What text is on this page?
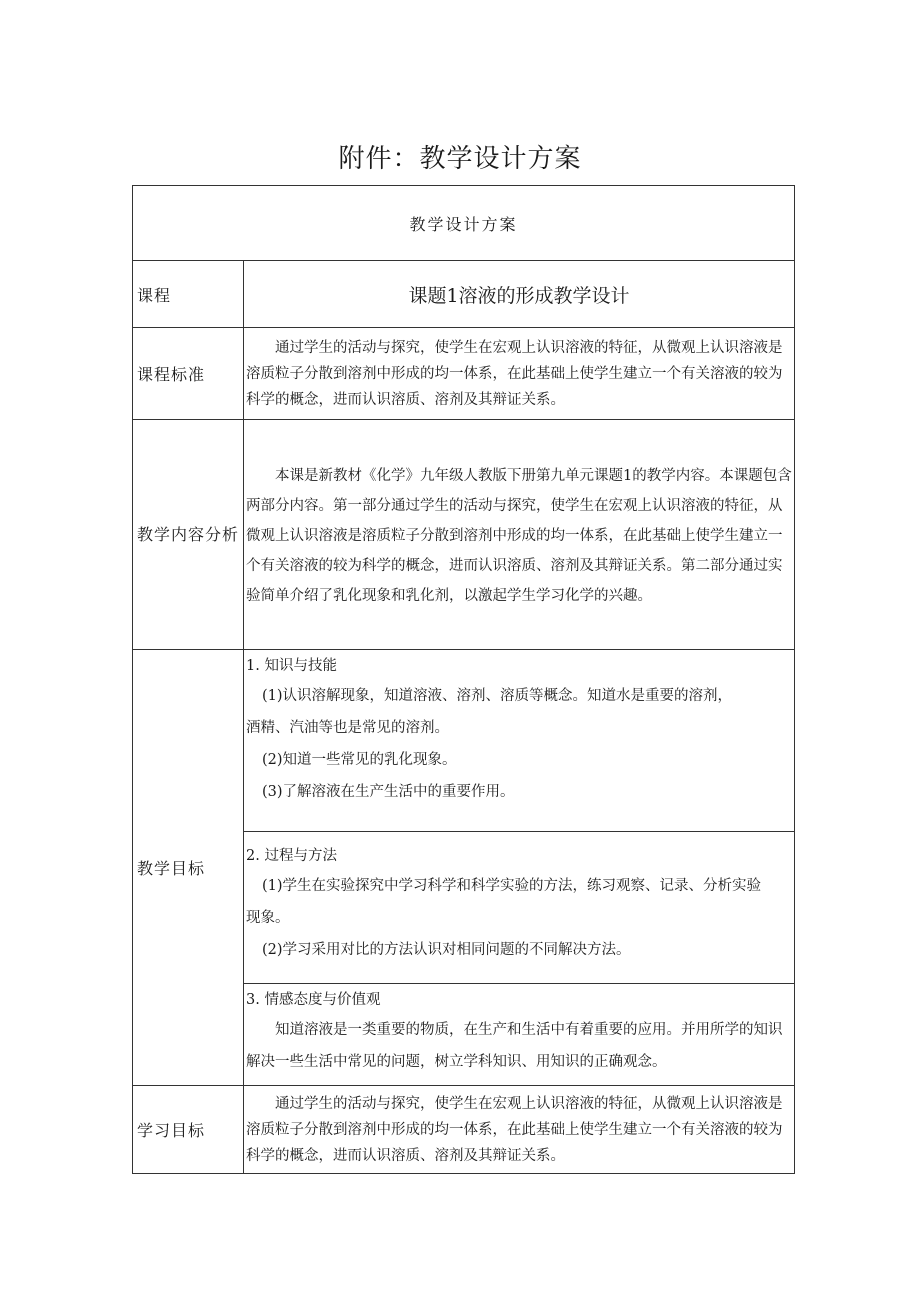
附件：教学设计方案
教学设计方案	
课程	课题1溶液的形成教学设计
课程标准	通过学生的活动与探究，使学生在宏观上认识溶液的特征，从微观上认识溶液是溶质粒子分散到溶剂中形成的均一体系，在此基础上使学生建立一个有关溶液的较为科学的概念，进而认识溶质、溶剂及其辩证关系。

教学内容分析	本课是新教材《化学》九年级人教版下册第九单元课题1的教学内容。本课题包含两部分内容。第一部分通过学生的活动与探究，使学生在宏观上认识溶液的特征，从微观上认识溶液是溶质粒子分散到溶剂中形成的均一体系，在此基础上使学生建立一个有关溶液的较为科学的概念，进而认识溶质、溶剂及其辩证关系。第二部分通过实验简单介绍了乳化现象和乳化剂，以激起学生学习化学的兴趣。

教学目标	1. 知识与技能

(1)认识溶解现象，知道溶液、溶剂、溶质等概念。知道水是重要的溶剂，

酒精、汽油等也是常见的溶剂。

(2)知道一些常见的乳化现象。

(3)了解溶液在生产生活中的重要作用。

	2. 过程与方法

(1)学生在实验探究中学习科学和科学实验的方法，练习观察、记录、分析实验

现象。

(2)学习采用对比的方法认识对相同问题的不同解决方法。

	3. 情感态度与价值观

知道溶液是一类重要的物质，在生产和生活中有着重要的应用。并用所学的知识解决一些生活中常见的问题，树立学科知识、用知识的正确观念。

学习目标	通过学生的活动与探究，使学生在宏观上认识溶液的特征，从微观上认识溶液是溶质粒子分散到溶剂中形成的均一体系，在此基础上使学生建立一个有关溶液的较为科学的概念，进而认识溶质、溶剂及其辩证关系。
